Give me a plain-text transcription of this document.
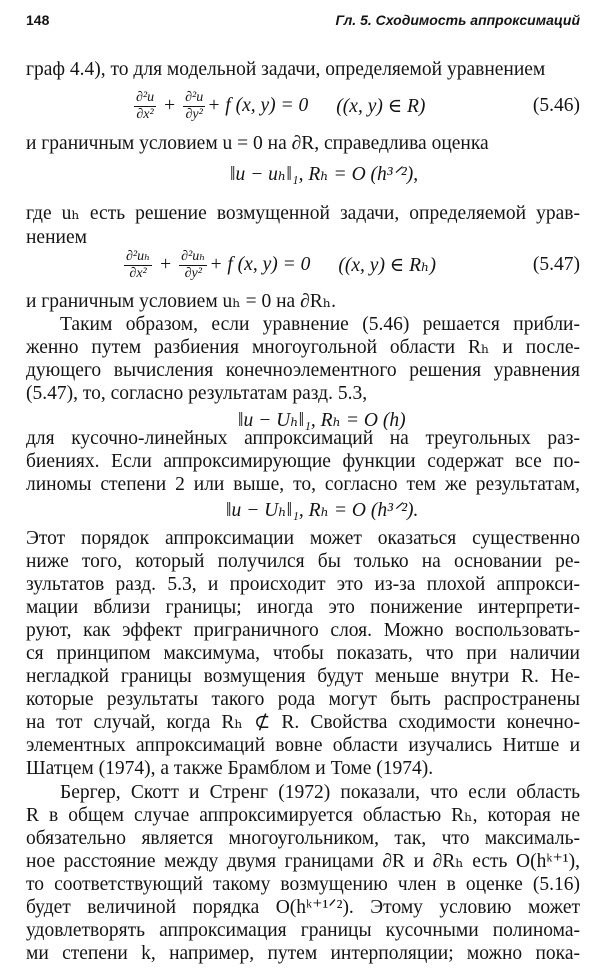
148	Гл. 5. Сходимость аппроксимаций
граф 4.4), то для модельной задачи, определяемой уравнением
$\frac{\text{∂²u}}{\text{∂x²}} + \frac{\text{∂²u}}{\text{∂y²}} + f$ (x, y) = 0 ((x, y) ∈ R)	(5.46)
и граничным условием u = 0 на ∂R, справедлива оценка
‖u − uₕ‖₁, Rₕ = O (h³ᐟ²),
где uₕ есть решение возмущенной задачи, определяемой урав-
нением
$\frac{\text{∂²uₕ}}{\text{∂x²}} + \frac{\text{∂²uₕ}}{\text{∂y²}} + f$ (x, y) = 0 ((x, y) ∈ Rₕ)	(5.47)
и граничным условием uₕ = 0 на ∂Rₕ.
Таким образом, если уравнение (5.46) решается прибли-
женно путем разбиения многоугольной области Rₕ и после-
дующего вычисления конечноэлементного решения уравнения
(5.47), то, согласно результатам разд. 5.3,
‖u − Uₕ‖₁, Rₕ = O (h)
для кусочно-линейных аппроксимаций на треугольных раз-
биениях. Если аппроксимирующие функции содержат все по-
линомы степени 2 или выше, то, согласно тем же результатам,
‖u − Uₕ‖₁, Rₕ = O (h³ᐟ²).
Этот порядок аппроксимации может оказаться существенно
ниже того, который получился бы только на основании ре-
зультатов разд. 5.3, и происходит это из-за плохой аппрокси-
мации вблизи границы; иногда это понижение интерпрети-
руют, как эффект приграничного слоя. Можно воспользовать-
ся принципом максимума, чтобы показать, что при наличии
негладкой границы возмущения будут меньше внутри R. Не-
которые результаты такого рода могут быть распространены
на тот случай, когда Rₕ ⊄ R. Свойства сходимости конечно-
элементных аппроксимаций вовне области изучались Нитше и
Шатцем (1974), а также Брамблом и Томе (1974).
Бергер, Скотт и Стренг (1972) показали, что если область
R в общем случае аппроксимируется областью Rₕ, которая не
обязательно является многоугольником, так, что максималь-
ное расстояние между двумя границами ∂R и ∂Rₕ есть O(hᵏ⁺¹),
то соответствующий такому возмущению член в оценке (5.16)
будет величиной порядка O(hᵏ⁺¹ᐟ²). Этому условию может
удовлетворять аппроксимация границы кусочными полинома-
ми степени k, например, путем интерполяции; можно пока-
